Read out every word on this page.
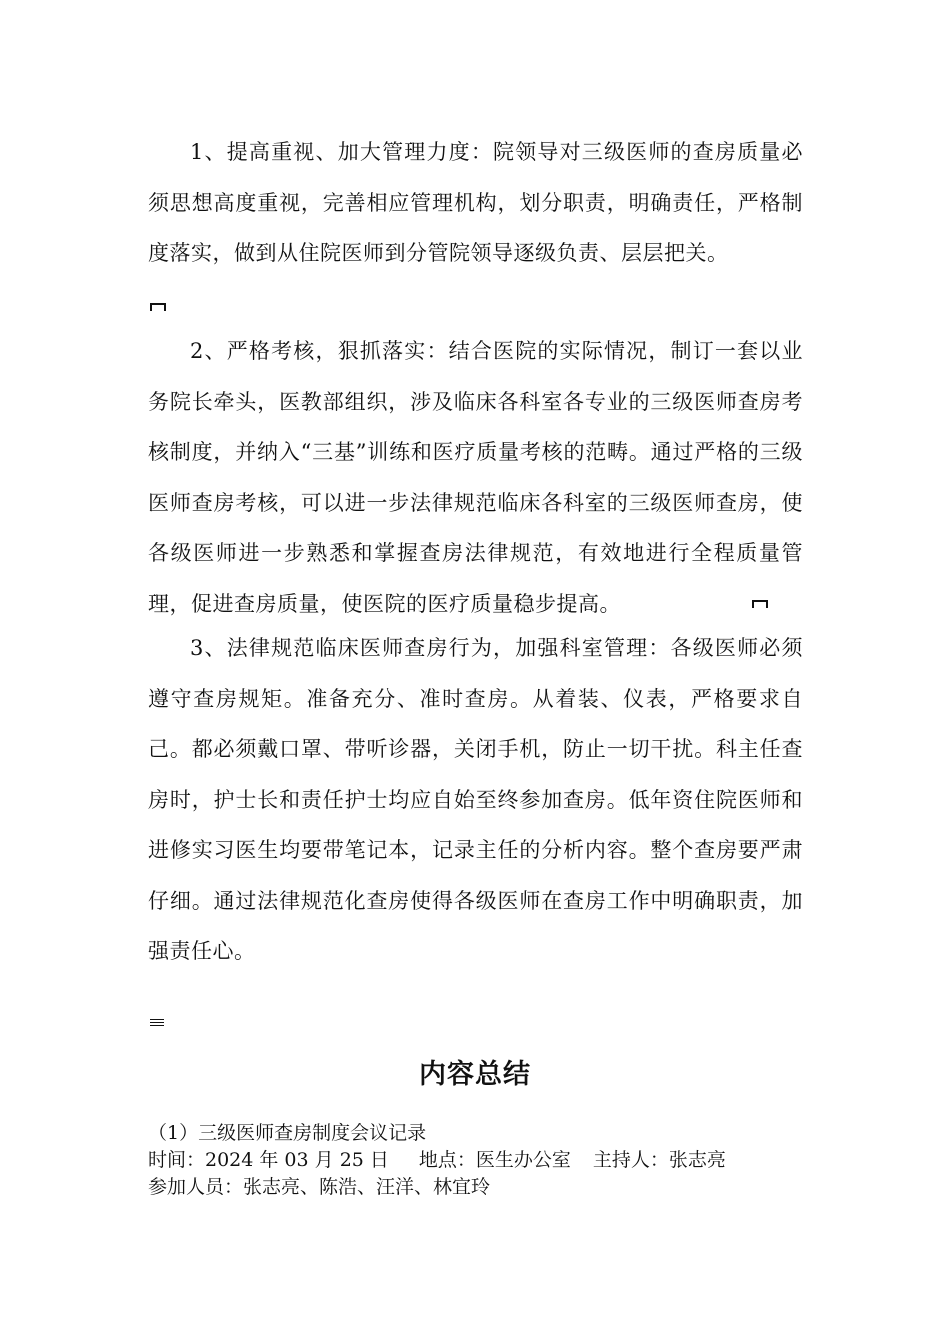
1、提高重视、加大管理力度：院领导对三级医师的查房质量必须思想高度重视，完善相应管理机构，划分职责，明确责任，严格制度落实，做到从住院医师到分管院领导逐级负责、层层把关。

2、严格考核，狠抓落实：结合医院的实际情况，制订一套以业务院长牵头，医教部组织，涉及临床各科室各专业的三级医师查房考核制度，并纳入“三基”训练和医疗质量考核的范畴。通过严格的三级医师查房考核，可以进一步法律规范临床各科室的三级医师查房，使各级医师进一步熟悉和掌握查房法律规范，有效地进行全程质量管理，促进查房质量，使医院的医疗质量稳步提高。

3、法律规范临床医师查房行为，加强科室管理：各级医师必须遵守查房规矩。准备充分、准时查房。从着装、仪表，严格要求自己。都必须戴口罩、带听诊器，关闭手机，防止一切干扰。科主任查房时，护士长和责任护士均应自始至终参加查房。低年资住院医师和进修实习医生均要带笔记本，记录主任的分析内容。整个查房要严肃仔细。通过法律规范化查房使得各级医师在查房工作中明确职责，加强责任心。

内容总结
（1）三级医师查房制度会议记录
时间：2024 年 03 月 25 日 地点：医生办公室 主持人：张志亮
参加人员：张志亮、陈浩、汪洋、林宜玲
